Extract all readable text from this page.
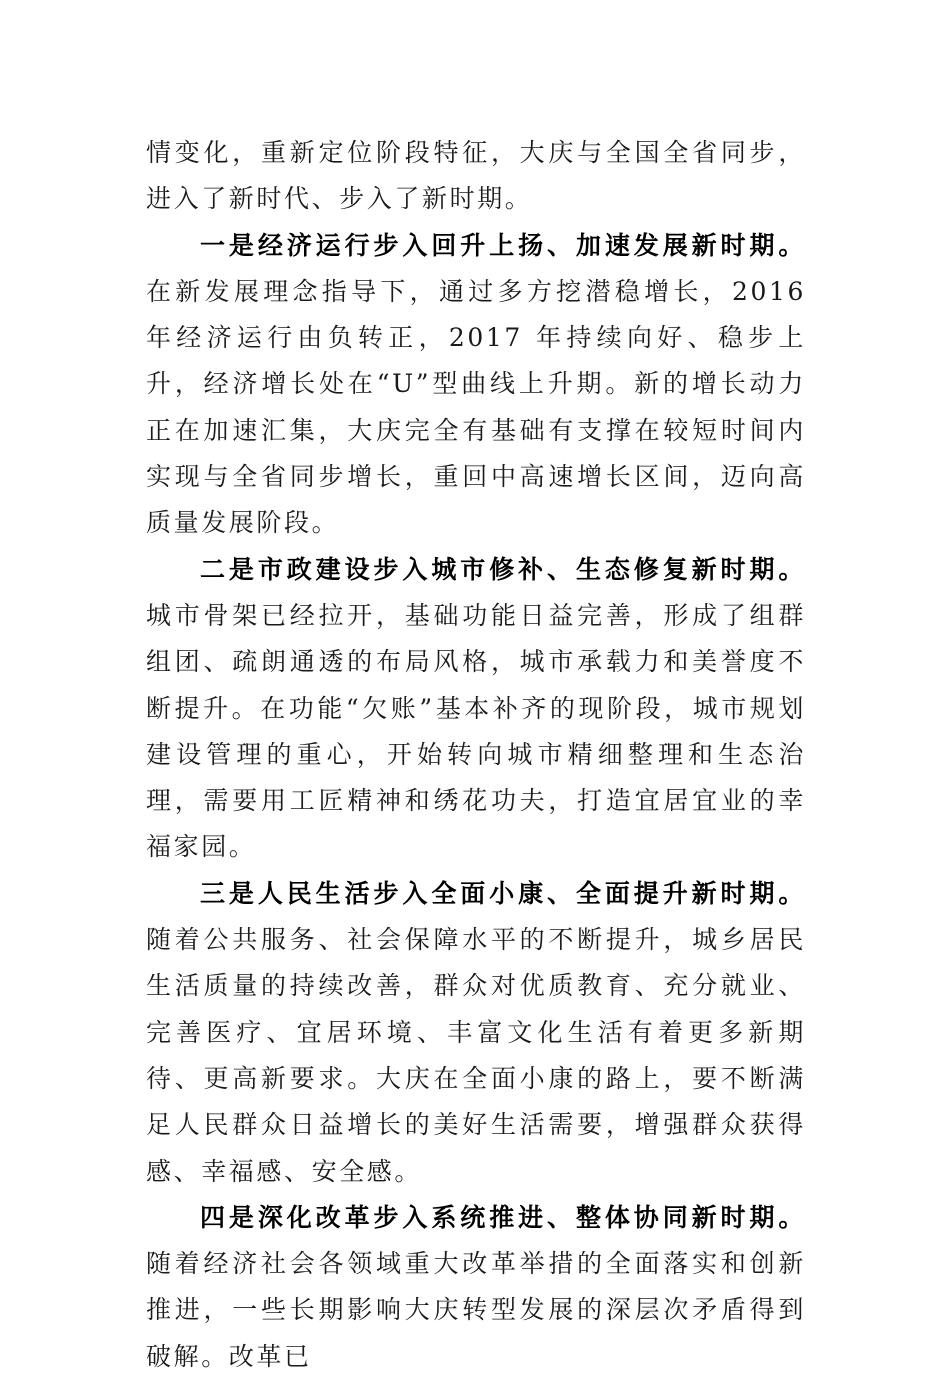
情变化，重新定位阶段特征，大庆与全国全省同步，进入了新时代、步入了新时期。

一是经济运行步入回升上扬、加速发展新时期。在新发展理念指导下，通过多方挖潜稳增长，2016 年经济运行由负转正，2017 年持续向好、稳步上升，经济增长处在“U”型曲线上升期。新的增长动力正在加速汇集，大庆完全有基础有支撑在较短时间内实现与全省同步增长，重回中高速增长区间，迈向高质量发展阶段。

二是市政建设步入城市修补、生态修复新时期。城市骨架已经拉开，基础功能日益完善，形成了组群组团、疏朗通透的布局风格，城市承载力和美誉度不断提升。在功能“欠账”基本补齐的现阶段，城市规划建设管理的重心，开始转向城市精细整理和生态治理，需要用工匠精神和绣花功夫，打造宜居宜业的幸福家园。

三是人民生活步入全面小康、全面提升新时期。随着公共服务、社会保障水平的不断提升，城乡居民生活质量的持续改善，群众对优质教育、充分就业、完善医疗、宜居环境、丰富文化生活有着更多新期待、更高新要求。大庆在全面小康的路上，要不断满足人民群众日益增长的美好生活需要，增强群众获得感、幸福感、安全感。

四是深化改革步入系统推进、整体协同新时期。随着经济社会各领域重大改革举措的全面落实和创新推进，一些长期影响大庆转型发展的深层次矛盾得到破解。改革已
